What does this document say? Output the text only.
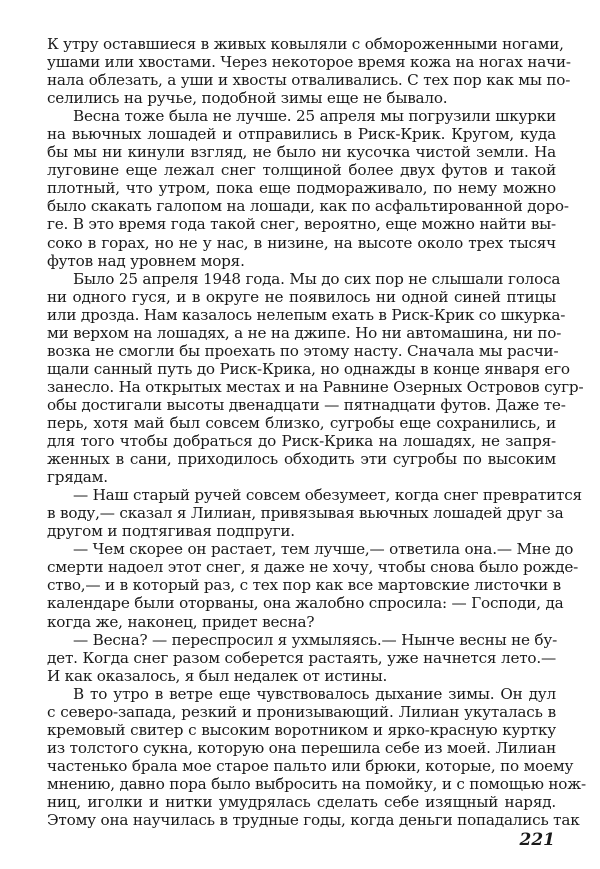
К утру оставшиеся в живых ковыляли с обмороженными ногами,
ушами или хвостами. Через некоторое время кожа на ногах начи-
нала облезать, а уши и хвосты отваливались. С тех пор как мы по-
селились на ручье, подобной зимы еще не бывало.
Весна тоже была не лучше. 25 апреля мы погрузили шкурки
на вьючных лошадей и отправились в Риск-Крик. Кругом, куда
бы мы ни кинули взгляд, не было ни кусочка чистой земли. На
луговине еще лежал снег толщиной более двух футов и такой
плотный, что утром, пока еще подмораживало, по нему можно
было скакать галопом на лошади, как по асфальтированной доро-
ге. В это время года такой снег, вероятно, еще можно найти вы-
соко в горах, но не у нас, в низине, на высоте около трех тысяч
футов над уровнем моря.
Было 25 апреля 1948 года. Мы до сих пор не слышали голоса
ни одного гуся, и в округе не появилось ни одной синей птицы
или дрозда. Нам казалось нелепым ехать в Риск-Крик со шкурка-
ми верхом на лошадях, а не на джипе. Но ни автомашина, ни по-
возка не смогли бы проехать по этому насту. Сначала мы расчи-
щали санный путь до Риск-Крика, но однажды в конце января его
занесло. На открытых местах и на Равнине Озерных Островов сугр-
обы достигали высоты двенадцати — пятнадцати футов. Даже те-
перь, хотя май был совсем близко, сугробы еще сохранились, и
для того чтобы добраться до Риск-Крика на лошадях, не запря-
женных в сани, приходилось обходить эти сугробы по высоким
грядам.
— Наш старый ручей совсем обезумеет, когда снег превратится
в воду,— сказал я Лилиан, привязывая вьючных лошадей друг за
другом и подтягивая подпруги.
— Чем скорее он растает, тем лучше,— ответила она.— Мне до
смерти надоел этот снег, я даже не хочу, чтобы снова было рожде-
ство,— и в который раз, с тех пор как все мартовские листочки в
календаре были оторваны, она жалобно спросила: — Господи, да
когда же, наконец, придет весна?
— Весна? — переспросил я ухмыляясь.— Нынче весны не бу-
дет. Когда снег разом соберется растаять, уже начнется лето.—
И как оказалось, я был недалек от истины.
В то утро в ветре еще чувствовалось дыхание зимы. Он дул
с северо-запада, резкий и пронизывающий. Лилиан укуталась в
кремовый свитер с высоким воротником и ярко-красную куртку
из толстого сукна, которую она перешила себе из моей. Лилиан
частенько брала мое старое пальто или брюки, которые, по моему
мнению, давно пора было выбросить на помойку, и с помощью нож-
ниц, иголки и нитки умудрялась сделать себе изящный наряд.
Этому она научилась в трудные годы, когда деньги попадались так
221
